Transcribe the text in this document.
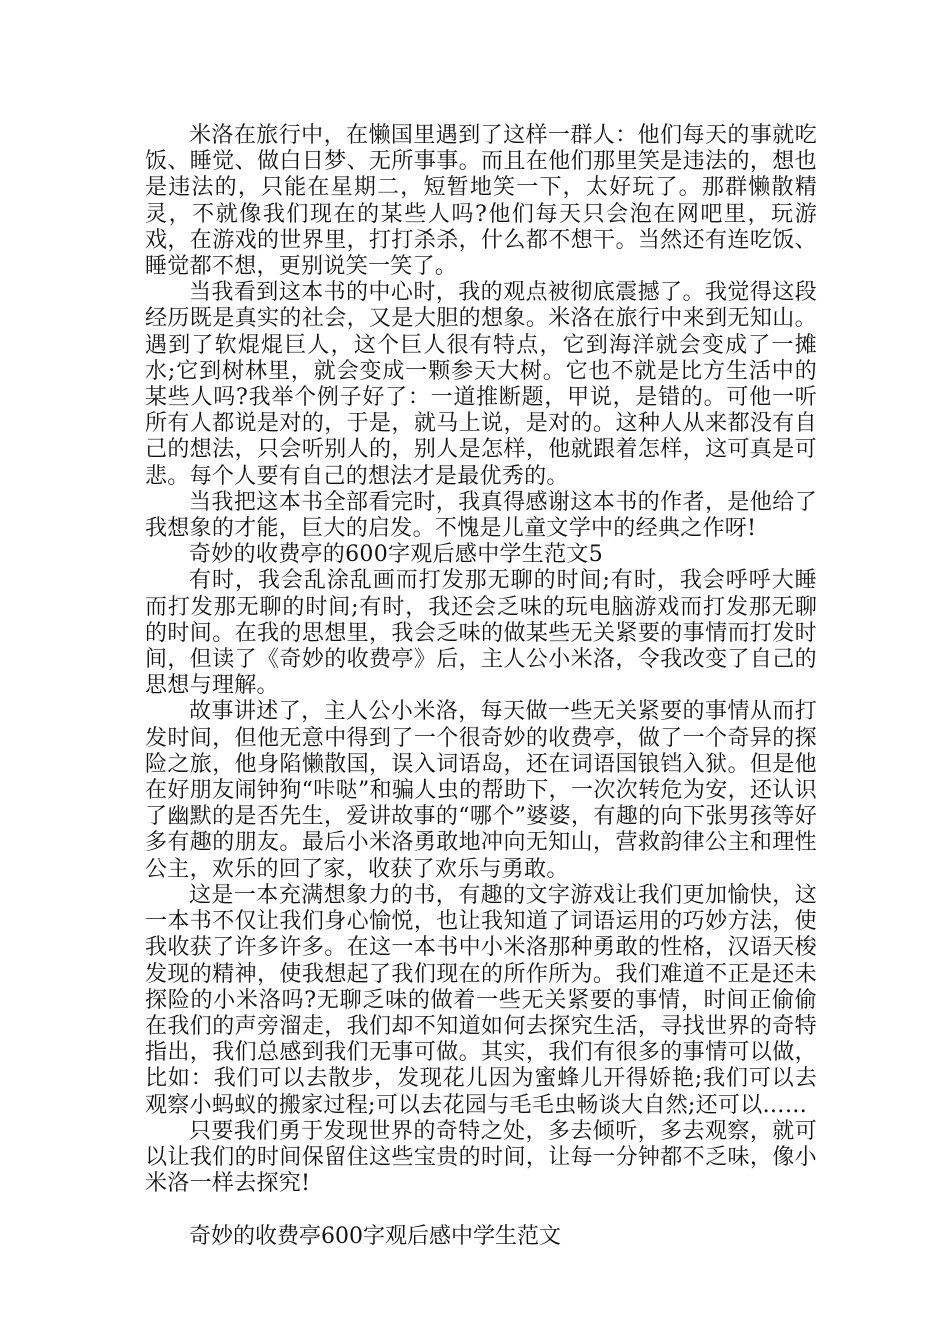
米洛在旅行中，在懒国里遇到了这样一群人：他们每天的事就吃饭、睡觉、做白日梦、无所事事。而且在他们那里笑是违法的，想也是违法的，只能在星期二，短暂地笑一下，太好玩了。那群懒散精灵，不就像我们现在的某些人吗?他们每天只会泡在网吧里，玩游戏，在游戏的世界里，打打杀杀，什么都不想干。当然还有连吃饭、睡觉都不想，更别说笑一笑了。

当我看到这本书的中心时，我的观点被彻底震撼了。我觉得这段经历既是真实的社会，又是大胆的想象。米洛在旅行中来到无知山。遇到了软焜焜巨人，这个巨人很有特点，它到海洋就会变成了一摊水;它到树林里，就会变成一颗参天大树。它也不就是比方生活中的某些人吗?我举个例子好了：一道推断题，甲说，是错的。可他一听所有人都说是对的，于是，就马上说，是对的。这种人从来都没有自己的想法，只会听别人的，别人是怎样，他就跟着怎样，这可真是可悲。每个人要有自己的想法才是最优秀的。

当我把这本书全部看完时，我真得感谢这本书的作者，是他给了我想象的才能，巨大的启发。不愧是儿童文学中的经典之作呀!

奇妙的收费亭的600字观后感中学生范文5

有时，我会乱涂乱画而打发那无聊的时间;有时，我会呼呼大睡而打发那无聊的时间;有时，我还会乏味的玩电脑游戏而打发那无聊的时间。在我的思想里，我会乏味的做某些无关紧要的事情而打发时间，但读了《奇妙的收费亭》后，主人公小米洛，令我改变了自己的思想与理解。

故事讲述了，主人公小米洛，每天做一些无关紧要的事情从而打发时间，但他无意中得到了一个很奇妙的收费亭，做了一个奇异的探险之旅，他身陷懒散国，误入词语岛，还在词语国锒铛入狱。但是他在好朋友闹钟狗“咔哒”和骗人虫的帮助下，一次次转危为安，还认识了幽默的是否先生，爱讲故事的“哪个”婆婆，有趣的向下张男孩等好多有趣的朋友。最后小米洛勇敢地冲向无知山，营救韵律公主和理性公主，欢乐的回了家，收获了欢乐与勇敢。

这是一本充满想象力的书，有趣的文字游戏让我们更加愉快，这一本书不仅让我们身心愉悦，也让我知道了词语运用的巧妙方法，使我收获了许多许多。在这一本书中小米洛那种勇敢的性格，汉语天梭发现的精神，使我想起了我们现在的所作所为。我们难道不正是还未探险的小米洛吗?无聊乏味的做着一些无关紧要的事情，时间正偷偷在我们的声旁溜走，我们却不知道如何去探究生活，寻找世界的奇特指出，我们总感到我们无事可做。其实，我们有很多的事情可以做，比如：我们可以去散步，发现花儿因为蜜蜂儿开得娇艳;我们可以去观察小蚂蚁的搬家过程;可以去花园与毛毛虫畅谈大自然;还可以……

只要我们勇于发现世界的奇特之处，多去倾听，多去观察，就可以让我们的时间保留住这些宝贵的时间，让每一分钟都不乏味，像小米洛一样去探究!

奇妙的收费亭600字观后感中学生范文
